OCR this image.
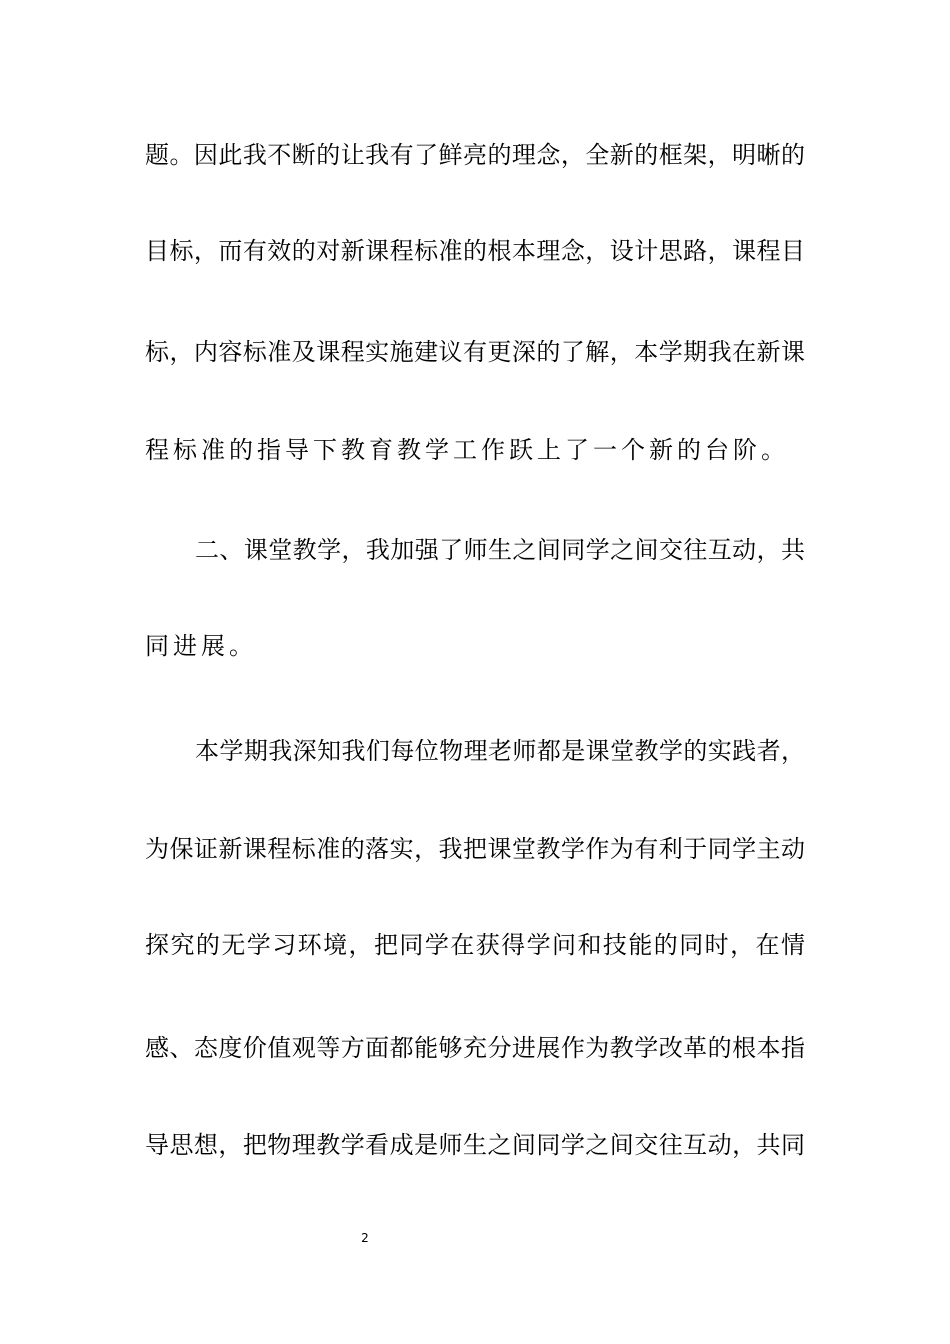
题。因此我不断的让我有了鲜亮的理念，全新的框架，明晰的
目标，而有效的对新课程标准的根本理念，设计思路，课程目
标，内容标准及课程实施建议有更深的了解，本学期我在新课
程标准的指导下教育教学工作跃上了一个新的台阶。
二、课堂教学，我加强了师生之间同学之间交往互动，共
同进展。
本学期我深知我们每位物理老师都是课堂教学的实践者，
为保证新课程标准的落实，我把课堂教学作为有利于同学主动
探究的无学习环境，把同学在获得学问和技能的同时，在情
感、态度价值观等方面都能够充分进展作为教学改革的根本指
导思想，把物理教学看成是师生之间同学之间交往互动，共同
2
